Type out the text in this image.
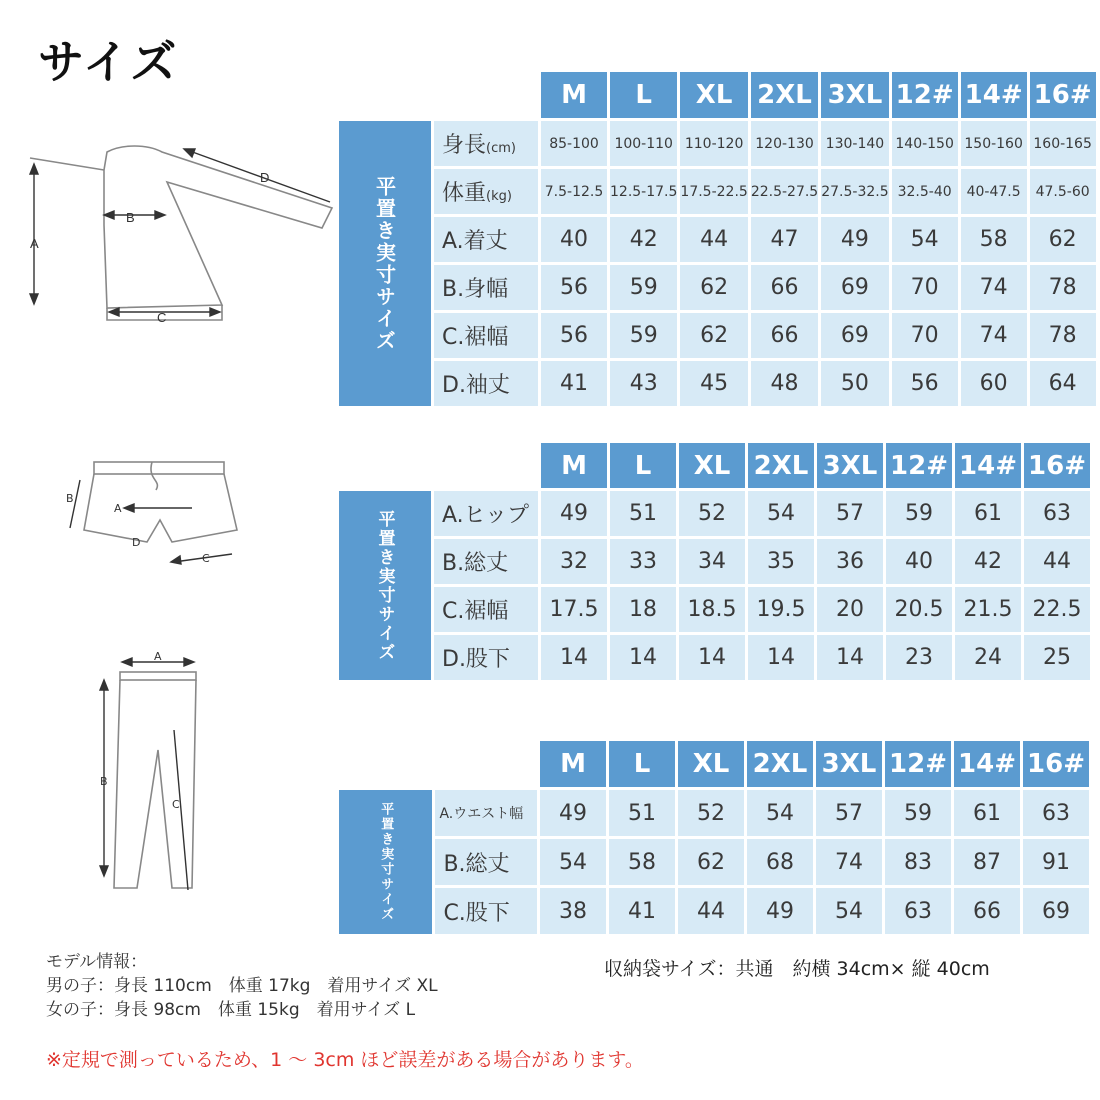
サイズ
A
B
C
D
B
A
D
C
A
B
C
		M	L	XL	2XL	3XL	12#	14#	16#

平置き実寸サイズ	身長(cm)	85-100	100-110	110-120	120-130	130-140	140-150	150-160	160-165
	体重(kg)	7.5-12.5	12.5-17.5	17.5-22.5	22.5-27.5	27.5-32.5	32.5-40	40-47.5	47.5-60
	A.着丈	40	42	44	47	49	54	58	62
	B.身幅	56	59	62	66	69	70	74	78
	C.裾幅	56	59	62	66	69	70	74	78
	D.袖丈	41	43	45	48	50	56	60	64
		M	L	XL	2XL	3XL	12#	14#	16#

平置き実寸サイズ	A.ヒップ	49	51	52	54	57	59	61	63
	B.総丈	32	33	34	35	36	40	42	44
	C.裾幅	17.5	18	18.5	19.5	20	20.5	21.5	22.5
	D.股下	14	14	14	14	14	23	24	25
		M	L	XL	2XL	3XL	12#	14#	16#

平置き実寸サイズ	A.ウエスト幅	49	51	52	54	57	59	61	63
	B.総丈	54	58	62	68	74	83	87	91
	C.股下	38	41	44	49	54	63	66	69
モデル情報：
男の子：身長 110cm　体重 17kg　着用サイズ XL
女の子：身長 98cm　体重 15kg　着用サイズ L
収納袋サイズ：共通　約横 34cm× 縦 40cm
※定規で測っているため、1 ～ 3cm ほど誤差がある場合があります。
